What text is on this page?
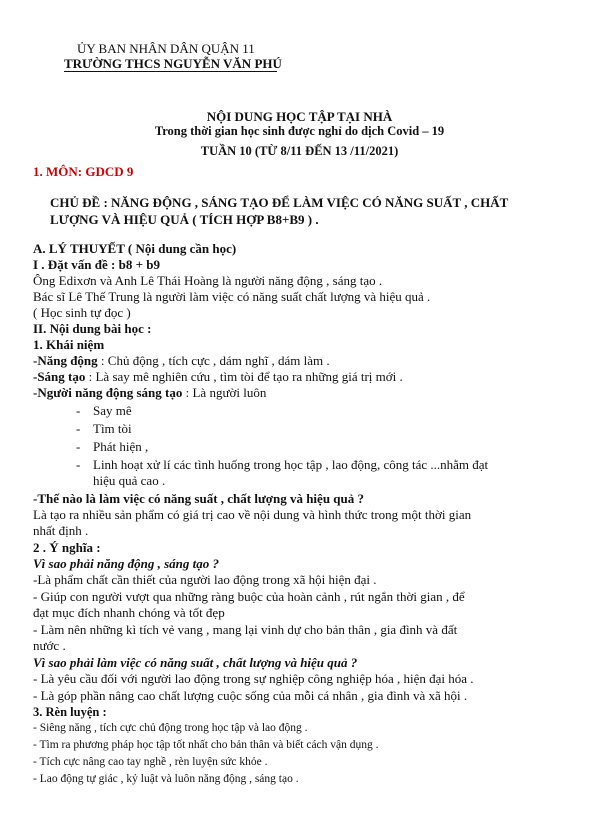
ỦY BAN NHÂN DÂN QUẬN 11
TRƯỜNG THCS NGUYỄN VĂN PHÚ
NỘI DUNG HỌC TẬP TẠI NHÀ
Trong thời gian học sinh được nghỉ do dịch Covid – 19
TUẦN 10 (TỪ 8/11 ĐẾN 13 /11/2021)
1. MÔN: GDCD 9
CHỦ ĐỀ : NĂNG ĐỘNG , SÁNG TẠO ĐỂ LÀM VIỆC CÓ NĂNG SUẤT , CHẤT
LƯỢNG VÀ HIỆU QUẢ ( TÍCH HỢP B8+B9 ) .
A. LÝ THUYẾT ( Nội dung cần học)
I . Đặt vấn đề : b8 + b9
Ông Edixơn và Anh Lê Thái Hoàng là người năng động , sáng tạo .
Bác sĩ Lê Thế Trung là người làm việc có năng suất chất lượng và hiệu quả .
( Học sinh tự đọc )
II. Nội dung bài học :
1. Khái niệm
-Năng động : Chủ động , tích cực , dám nghĩ , dám làm .
-Sáng tạo : Là say mê nghiên cứu , tìm tòi để tạo ra những giá trị mới .
-Người năng động sáng tạo : Là người luôn
- Say mê
- Tìm tòi
- Phát hiện ,
- Linh hoạt xử lí các tình huống trong học tập , lao động, công tác ...nhằm đạt
hiệu quả cao .
-Thế nào là làm việc có năng suất , chất lượng và hiệu quả ?
Là tạo ra nhiều sản phẩm có giá trị cao về nội dung và hình thức trong một thời gian
nhất định .
2 . Ý nghĩa :
Vì sao phải năng động , sáng tạo ?
-Là phẩm chất cần thiết của người lao động trong xã hội hiện đại .
- Giúp con người vượt qua những ràng buộc của hoàn cảnh , rút ngắn thời gian , để
đạt mục đích nhanh chóng và tốt đẹp
- Làm nên những kì tích vẻ vang , mang lại vinh dự cho bản thân , gia đình và đất
nước .
Vì sao phải làm việc có năng suất , chất lượng và hiệu quả ?
- Là yêu cầu đối với người lao động trong sự nghiệp công nghiệp hóa , hiện đại hóa .
- Là góp phần nâng cao chất lượng cuộc sống của mỗi cá nhân , gia đình và xã hội .
3. Rèn luyện :
- Siêng năng , tích cực chủ động trong học tập và lao động .
- Tìm ra phương pháp học tập tốt nhất cho bản thân và biết cách vận dụng .
- Tích cực nâng cao tay nghề , rèn luyện sức khỏe .
- Lao động tự giác , kỷ luật và luôn năng động , sáng tạo .
